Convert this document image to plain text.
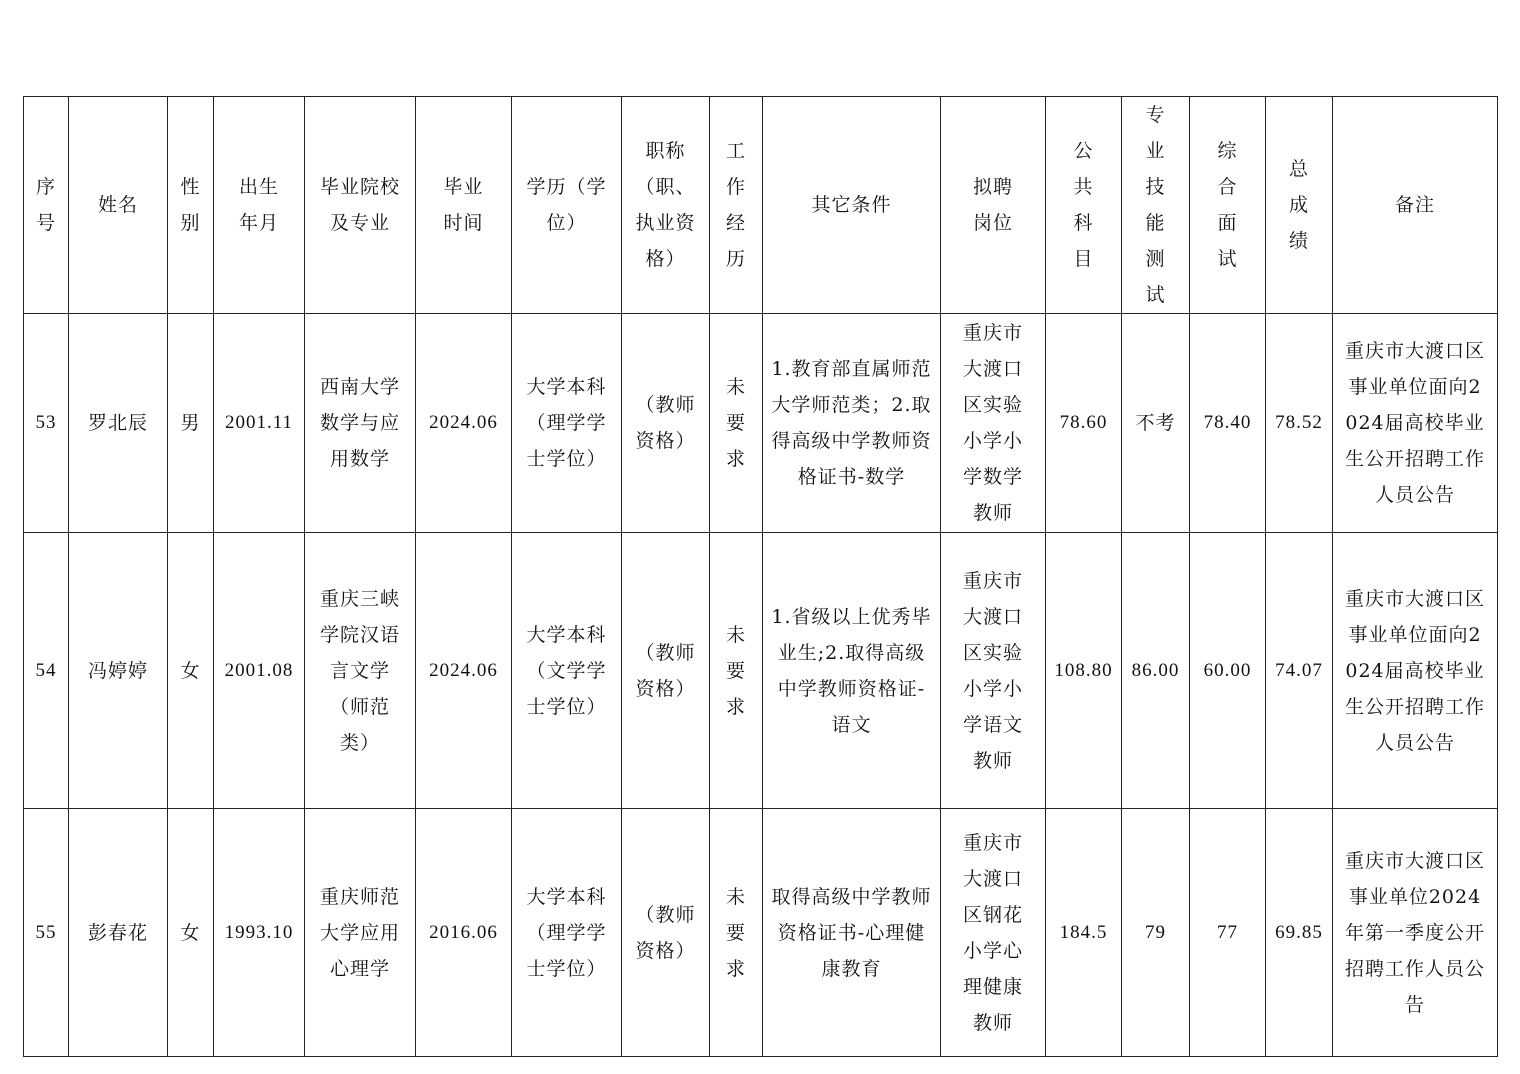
序号	姓名	性别	出生年月	毕业院校及专业	毕业时间	学历（学位）	职称（职、执业资格）	工作经历	其它条件	拟聘岗位	公共科目	专业技能测试	综合面试	总成绩	备注
53	罗北辰	男	2001.11	西南大学数学与应用数学	2024.06	大学本科（理学学士学位）	（教师资格）	未要求	1.教育部直属师范大学师范类；2.取得高级中学教师资格证书-数学	重庆市大渡口区实验小学小学数学教师	78.60	不考	78.40	78.52	重庆市大渡口区事业单位面向2024届高校毕业生公开招聘工作人员公告
54	冯婷婷	女	2001.08	重庆三峡学院汉语言文学（师范类）	2024.06	大学本科（文学学士学位）	（教师资格）	未要求	1.省级以上优秀毕业生;2.取得高级中学教师资格证-语文	重庆市大渡口区实验小学小学语文教师	108.80	86.00	60.00	74.07	重庆市大渡口区事业单位面向2024届高校毕业生公开招聘工作人员公告
55	彭春花	女	1993.10	重庆师范大学应用心理学	2016.06	大学本科（理学学士学位）	（教师资格）	未要求	取得高级中学教师资格证书-心理健康教育	重庆市大渡口区钢花小学心理健康教师	184.5	79	77	69.85	重庆市大渡口区事业单位2024年第一季度公开招聘工作人员公告
